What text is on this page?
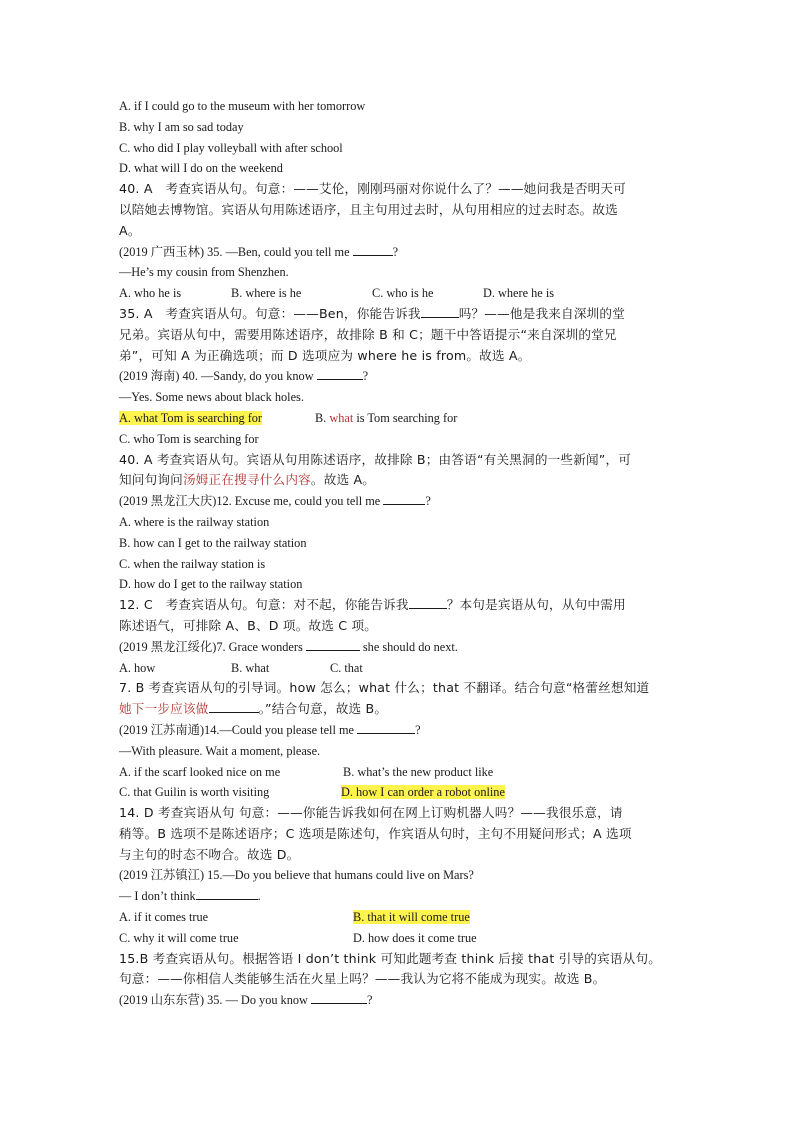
A. if I could go to the museum with her tomorrow
B. why I am so sad today
C. who did I play volleyball with after school
D. what will I do on the weekend
40. A　考查宾语从句。句意：——艾伦，刚刚玛丽对你说什么了？——她问我是否明天可
以陪她去博物馆。宾语从句用陈述语序，且主句用过去时，从句用相应的过去时态。故选
A。
(2019 广西玉林) 35. —Ben, could you tell me	?
—He’s my cousin from Shenzhen.
A. who he is	B. where is he	C. who is he	D. where he is
35. A　考查宾语从句。句意：——Ben，你能告诉我	吗？——他是我来自深圳的堂
兄弟。宾语从句中，需要用陈述语序，故排除 B 和 C；题干中答语提示“来自深圳的堂兄
弟”，可知 A 为正确选项；而 D 选项应为 where he is from。故选 A。
(2019 海南) 40. —Sandy, do you know	?
—Yes. Some news about black holes.
A. what Tom is searching for	B. what is Tom searching for
C. who Tom is searching for
40. A 考查宾语从句。宾语从句用陈述语序，故排除 B；由答语“有关黑洞的一些新闻”，可
知问句询问汤姆正在搜寻什么内容。故选 A。
(2019 黑龙江大庆)12. Excuse me, could you tell me	?
A. where is the railway station
B. how can I get to the railway station
C. when the railway station is
D. how do I get to the railway station
12. C　考查宾语从句。句意：对不起，你能告诉我	？本句是宾语从句，从句中需用
陈述语气，可排除 A、B、D 项。故选 C 项。
(2019 黑龙江绥化)7. Grace wonders	she should do next.
A. how	B. what	C. that
7. B 考查宾语从句的引导词。how 怎么；what 什么；that 不翻译。结合句意“格蕾丝想知道
她下一步应该做	。”结合句意，故选 B。
(2019 江苏南通)14.—Could you please tell me	?
—With pleasure. Wait a moment, please.
A. if the scarf looked nice on me	B. what’s the new product like
C. that Guilin is worth visiting	D. how I can order a robot online
14. D 考查宾语从句 句意：——你能告诉我如何在网上订购机器人吗？——我很乐意，请
稍等。B 选项不是陈述语序；C 选项是陈述句，作宾语从句时，主句不用疑问形式；A 选项
与主句的时态不吻合。故选 D。
(2019 江苏镇江) 15.—Do you believe that humans could live on Mars?
— I don’t think	.
A. if it comes true	B. that it will come true
C. why it will come true	D. how does it come true
15.B 考查宾语从句。根据答语 I don’t think 可知此题考查 think 后接 that 引导的宾语从句。
句意：——你相信人类能够生活在火星上吗？——我认为它将不能成为现实。故选 B。
(2019 山东东营) 35. — Do you know	?
